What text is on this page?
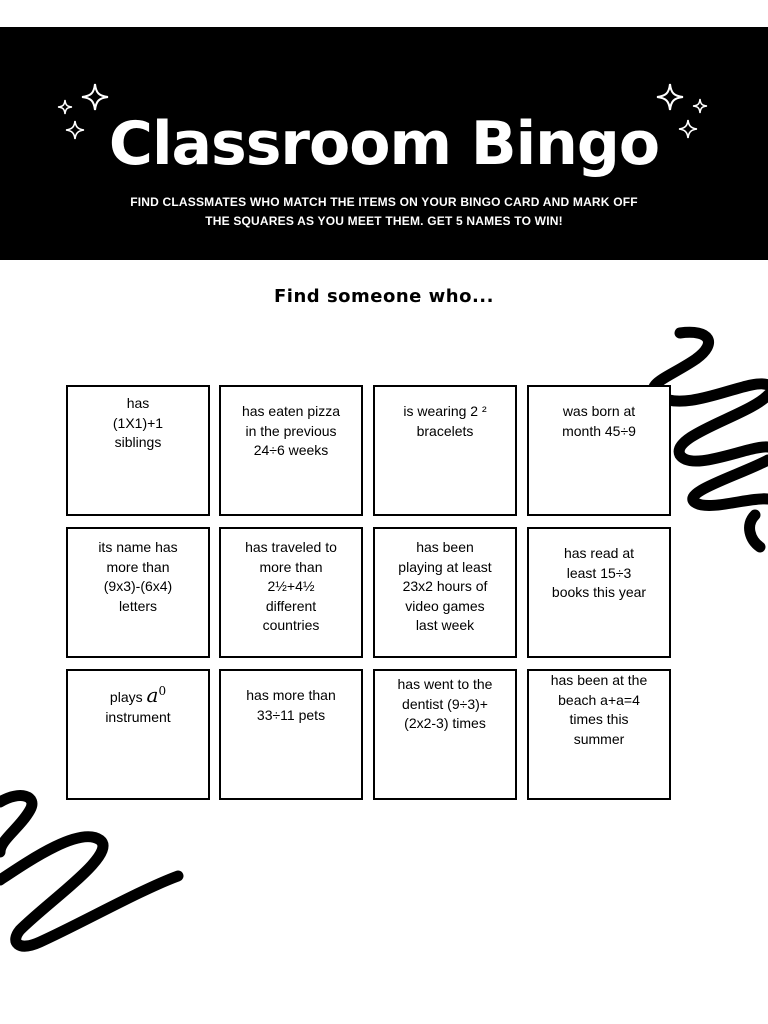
Classroom Bingo
FIND CLASSMATES WHO MATCH THE ITEMS ON YOUR BINGO CARD AND MARK OFF THE SQUARES AS YOU MEET THEM. GET 5 NAMES TO WIN!
Find someone who...
has
(1X1)+1
siblings
has eaten pizza
in the previous
24÷6 weeks
is wearing 2 ²
bracelets
was born at
month 45÷9
its name has
more than
(9x3)-(6x4)
letters
has traveled to
more than
2½+4½
different
countries
has been
playing at least
23x2 hours of
video games
last week
has read at
least 15÷3
books this year
plays $a^0$
instrument
has more than
33÷11 pets
has went to the
dentist (9÷3)+
(2x2-3) times
has been at the
beach a+a=4
times this
summer
